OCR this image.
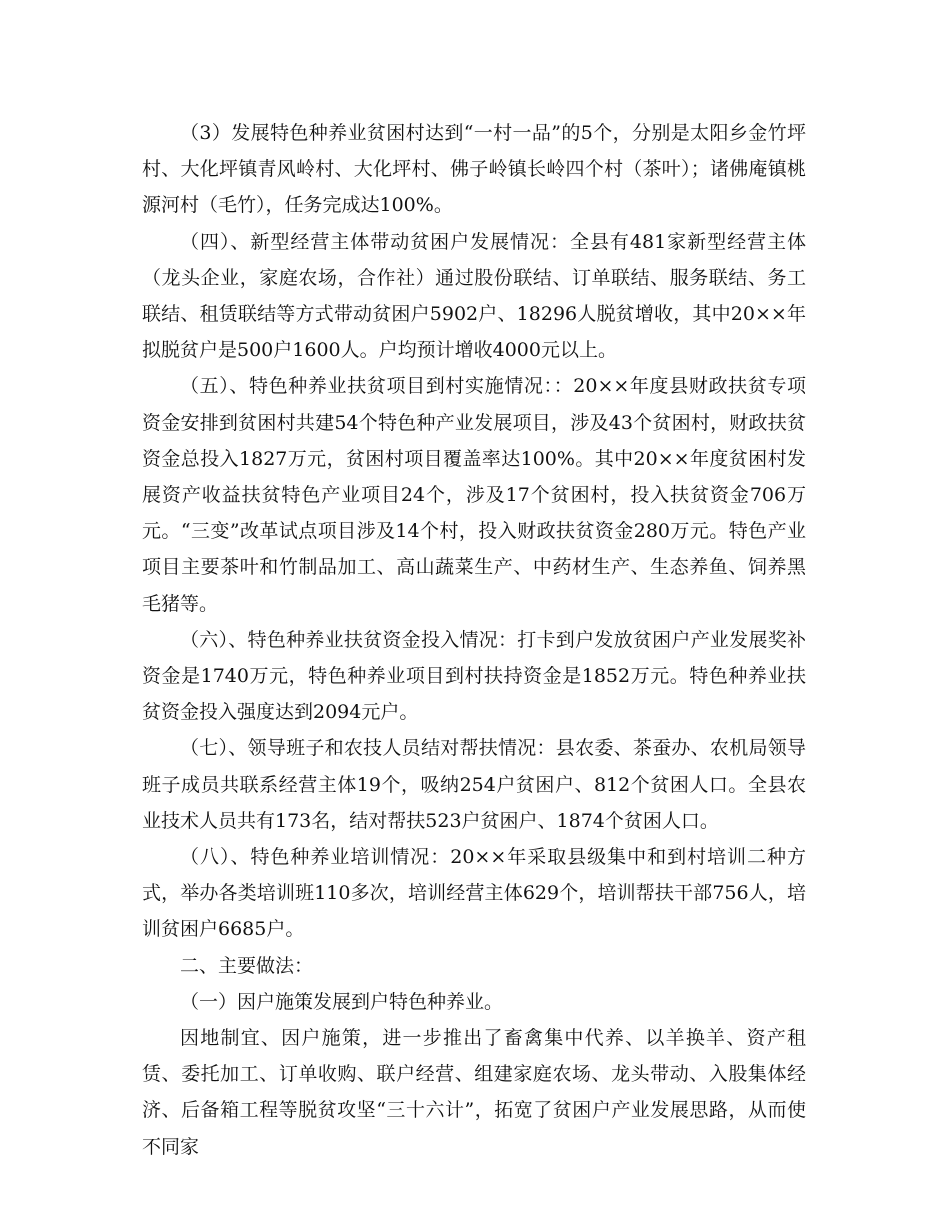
（3）发展特色种养业贫困村达到“一村一品”的5个，分别是太阳乡金竹坪村、大化坪镇青风岭村、大化坪村、佛子岭镇长岭四个村（茶叶）；诸佛庵镇桃源河村（毛竹），任务完成达100%。

（四）、新型经营主体带动贫困户发展情况：全县有481家新型经营主体（龙头企业，家庭农场，合作社）通过股份联结、订单联结、服务联结、务工联结、租赁联结等方式带动贫困户5902户、18296人脱贫增收，其中20××年拟脱贫户是500户1600人。户均预计增收4000元以上。

（五）、特色种养业扶贫项目到村实施情况：：20××年度县财政扶贫专项资金安排到贫困村共建54个特色种产业发展项目，涉及43个贫困村，财政扶贫资金总投入1827万元，贫困村项目覆盖率达100%。其中20××年度贫困村发展资产收益扶贫特色产业项目24个，涉及17个贫困村，投入扶贫资金706万元。“三变”改革试点项目涉及14个村，投入财政扶贫资金280万元。特色产业项目主要茶叶和竹制品加工、高山蔬菜生产、中药材生产、生态养鱼、饲养黑毛猪等。

（六）、特色种养业扶贫资金投入情况：打卡到户发放贫困户产业发展奖补资金是1740万元，特色种养业项目到村扶持资金是1852万元。特色种养业扶贫资金投入强度达到2094元户。

（七）、领导班子和农技人员结对帮扶情况：县农委、茶蚕办、农机局领导班子成员共联系经营主体19个，吸纳254户贫困户、812个贫困人口。全县农业技术人员共有173名，结对帮扶523户贫困户、1874个贫困人口。

（八）、特色种养业培训情况：20××年采取县级集中和到村培训二种方式，举办各类培训班110多次，培训经营主体629个，培训帮扶干部756人，培训贫困户6685户。

二、主要做法：

（一）因户施策发展到户特色种养业。

因地制宜、因户施策，进一步推出了畜禽集中代养、以羊换羊、资产租赁、委托加工、订单收购、联户经营、组建家庭农场、龙头带动、入股集体经济、后备箱工程等脱贫攻坚“三十六计”，拓宽了贫困户产业发展思路，从而使不同家
